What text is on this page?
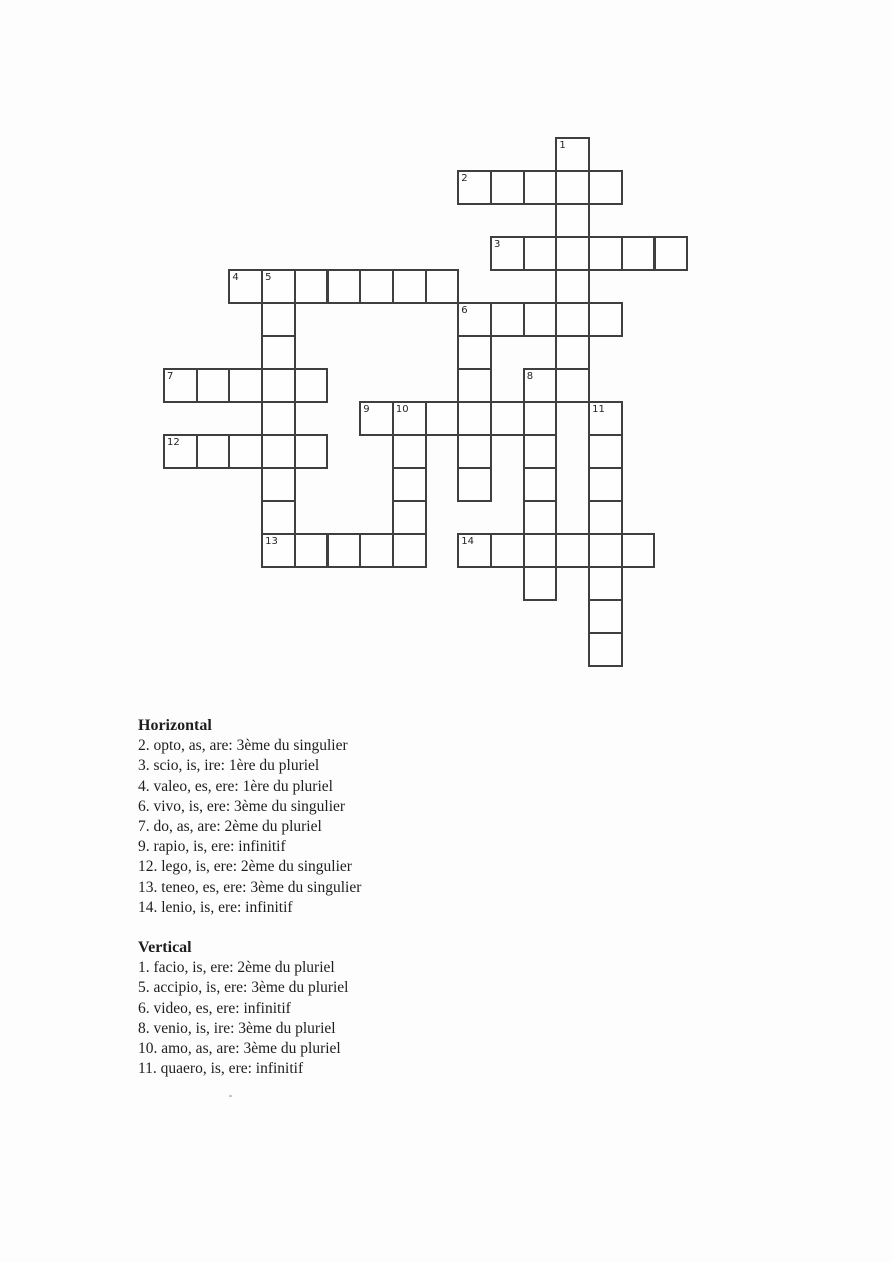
1
2
3
4	5
6
7	8
9	10	11
12
13	14
Horizontal
2. opto, as, are: 3ème du singulier
3. scio, is, ire: 1ère du pluriel
4. valeo, es, ere: 1ère du pluriel
6. vivo, is, ere: 3ème du singulier
7. do, as, are: 2ème du pluriel
9. rapio, is, ere: infinitif
12. lego, is, ere: 2ème du singulier
13. teneo, es, ere: 3ème du singulier
14. lenio, is, ere: infinitif
Vertical
1. facio, is, ere: 2ème du pluriel
5. accipio, is, ere: 3ème du pluriel
6. video, es, ere: infinitif
8. venio, is, ire: 3ème du pluriel
10. amo, as, are: 3ème du pluriel
11. quaero, is, ere: infinitif
